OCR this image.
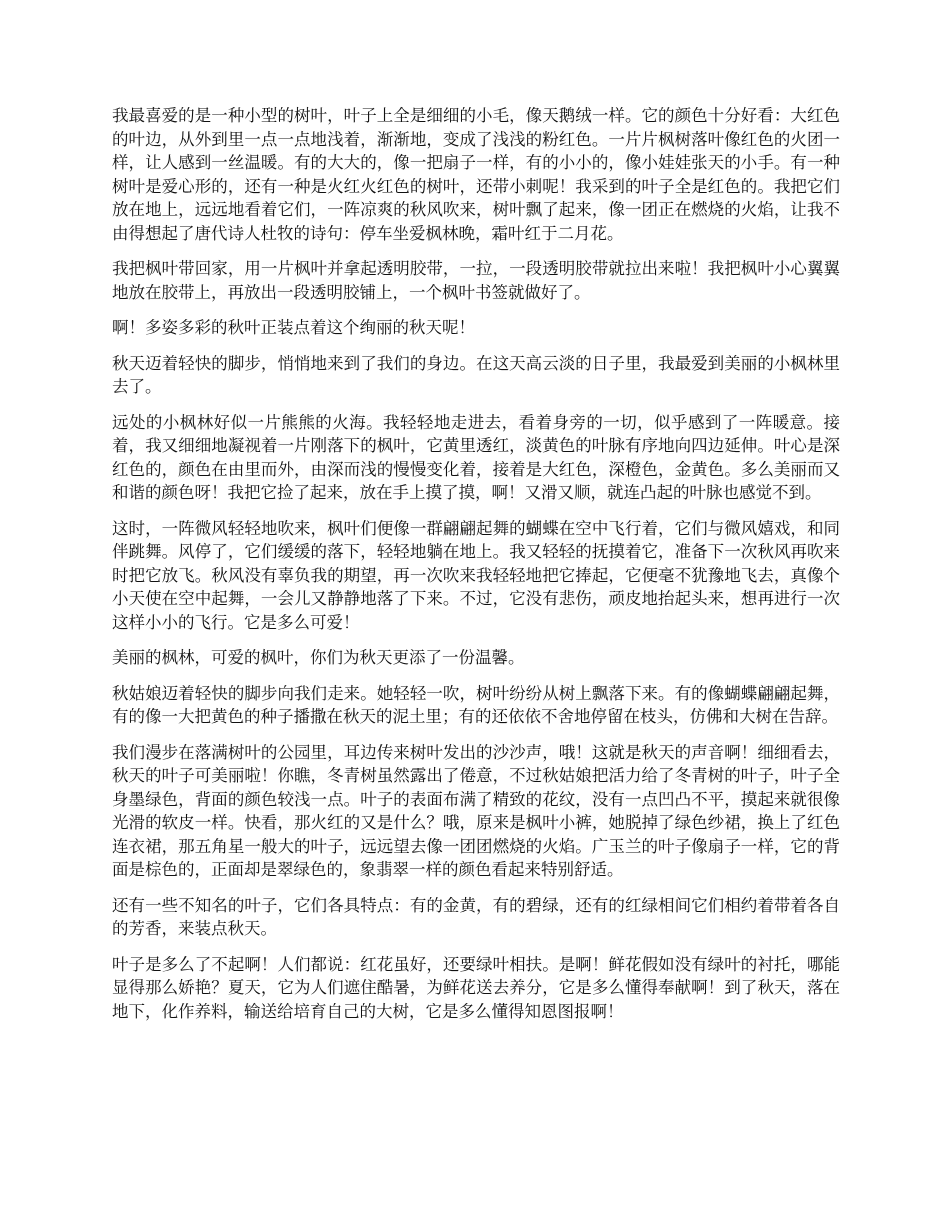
我最喜爱的是一种小型的树叶，叶子上全是细细的小毛，像天鹅绒一样。它的颜色十分好看：大红色的叶边，从外到里一点一点地浅着，渐渐地，变成了浅浅的粉红色。一片片枫树落叶像红色的火团一样，让人感到一丝温暖。有的大大的，像一把扇子一样，有的小小的，像小娃娃张天的小手。有一种树叶是爱心形的，还有一种是火红火红色的树叶，还带小刺呢！我采到的叶子全是红色的。我把它们放在地上，远远地看着它们，一阵凉爽的秋风吹来，树叶飘了起来，像一团正在燃烧的火焰，让我不由得想起了唐代诗人杜牧的诗句：停车坐爱枫林晚，霜叶红于二月花。

我把枫叶带回家，用一片枫叶并拿起透明胶带，一拉，一段透明胶带就拉出来啦！我把枫叶小心翼翼地放在胶带上，再放出一段透明胶铺上，一个枫叶书签就做好了。

啊！多姿多彩的秋叶正装点着这个绚丽的秋天呢！

秋天迈着轻快的脚步，悄悄地来到了我们的身边。在这天高云淡的日子里，我最爱到美丽的小枫林里去了。

远处的小枫林好似一片熊熊的火海。我轻轻地走进去，看着身旁的一切，似乎感到了一阵暖意。接着，我又细细地凝视着一片刚落下的枫叶，它黄里透红，淡黄色的叶脉有序地向四边延伸。叶心是深红色的，颜色在由里而外，由深而浅的慢慢变化着，接着是大红色，深橙色，金黄色。多么美丽而又和谐的颜色呀！我把它捡了起来，放在手上摸了摸，啊！又滑又顺，就连凸起的叶脉也感觉不到。

这时，一阵微风轻轻地吹来，枫叶们便像一群翩翩起舞的蝴蝶在空中飞行着，它们与微风嬉戏，和同伴跳舞。风停了，它们缓缓的落下，轻轻地躺在地上。我又轻轻的抚摸着它，准备下一次秋风再吹来时把它放飞。秋风没有辜负我的期望，再一次吹来我轻轻地把它捧起，它便毫不犹豫地飞去，真像个小天使在空中起舞，一会儿又静静地落了下来。不过，它没有悲伤，顽皮地抬起头来，想再进行一次这样小小的飞行。它是多么可爱！

美丽的枫林，可爱的枫叶，你们为秋天更添了一份温馨。

秋姑娘迈着轻快的脚步向我们走来。她轻轻一吹，树叶纷纷从树上飘落下来。有的像蝴蝶翩翩起舞，有的像一大把黄色的种子播撒在秋天的泥土里；有的还依依不舍地停留在枝头，仿佛和大树在告辞。

我们漫步在落满树叶的公园里，耳边传来树叶发出的沙沙声，哦！这就是秋天的声音啊！细细看去，秋天的叶子可美丽啦！你瞧，冬青树虽然露出了倦意，不过秋姑娘把活力给了冬青树的叶子，叶子全身墨绿色，背面的颜色较浅一点。叶子的表面布满了精致的花纹，没有一点凹凸不平，摸起来就很像光滑的软皮一样。快看，那火红的又是什么？哦，原来是枫叶小裤，她脱掉了绿色纱裙，换上了红色连衣裙，那五角星一般大的叶子，远远望去像一团团燃烧的火焰。广玉兰的叶子像扇子一样，它的背面是棕色的，正面却是翠绿色的，象翡翠一样的颜色看起来特别舒适。

还有一些不知名的叶子，它们各具特点：有的金黄，有的碧绿，还有的红绿相间它们相约着带着各自的芳香，来装点秋天。

叶子是多么了不起啊！人们都说：红花虽好，还要绿叶相扶。是啊！鲜花假如没有绿叶的衬托，哪能显得那么娇艳？夏天，它为人们遮住酷暑，为鲜花送去养分，它是多么懂得奉献啊！到了秋天，落在地下，化作养料，输送给培育自己的大树，它是多么懂得知恩图报啊！
